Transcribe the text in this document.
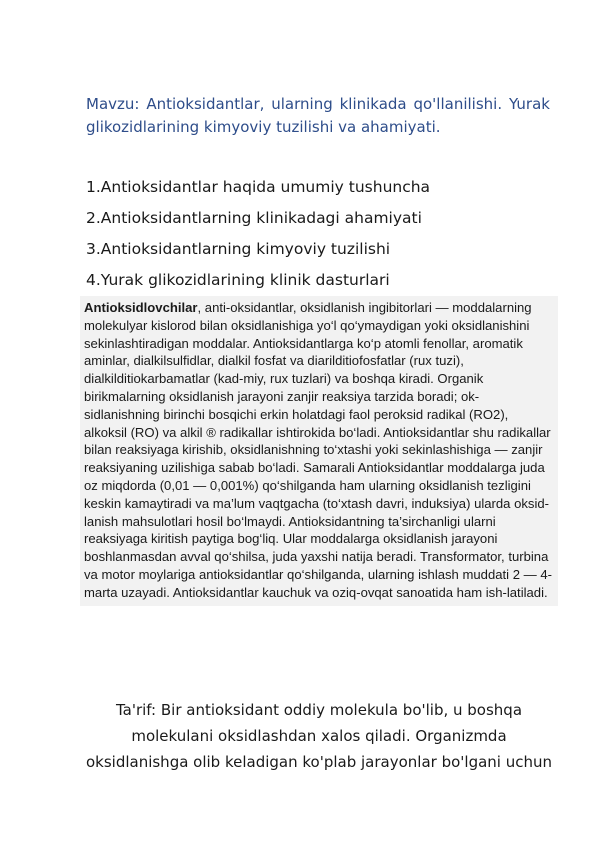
Mavzu: Antioksidantlar, ularning klinikada qo'llanilishi. Yurak glikozidlarining kimyoviy tuzilishi va ahamiyati.

1.Antioksidantlar haqida umumiy tushuncha
2.Antioksidantlarning klinikadagi ahamiyati
3.Antioksidantlarning kimyoviy tuzilishi
4.Yurak glikozidlarining klinik dasturlari

Antioksidlovchilar, anti-oksidantlar, oksidlanish ingibitorlari — moddalarning molekulyar kislorod bilan oksidlanishiga yo‘l qo‘ymaydigan yoki oksidlanishini sekinlashtiradigan moddalar. Antioksidantlarga ko‘p atomli fenollar, aromatik aminlar, dialkilsulfidlar, dialkil fosfat va diarilditiofosfatlar (rux tuzi), dialkilditiokarbamatlar (kad-miy, rux tuzlari) va boshqa kiradi. Organik birikmalarning oksidlanish jarayoni zanjir reaksiya tarzida boradi; ok-sidlanishning birinchi bosqichi erkin holatdagi faol peroksid radikal (RO2), alkoksil (RO) va alkil ® radikallar ishtirokida bo‘ladi. Antioksidantlar shu radikallar bilan reaksiyaga kirishib, oksidlanishning to‘xtashi yoki sekinlashishiga — zanjir reaksiyaning uzilishiga sabab bo‘ladi. Samarali Antioksidantlar moddalarga juda oz miqdorda (0,01 — 0,001%) qo‘shilganda ham ularning oksidlanish tezligini keskin kamaytiradi va ma’lum vaqtgacha (to‘xtash davri, induksiya) ularda oksid-lanish mahsulotlari hosil bo‘lmaydi. Antioksidantning ta’sirchanligi ularni reaksiyaga kiritish paytiga bog‘liq. Ular moddalarga oksidlanish jarayoni boshlanmasdan avval qo‘shilsa, juda yaxshi natija beradi. Transformator, turbina va motor moylariga antioksidantlar qo‘shilganda, ularning ishlash muddati 2 — 4-marta uzayadi. Antioksidantlar kauchuk va oziq-ovqat sanoatida ham ish-latiladi.

Ta'rif: Bir antioksidant oddiy molekula bo'lib, u boshqa molekulani oksidlashdan xalos qiladi. Organizmda oksidlanishga olib keladigan ko'plab jarayonlar bo'lgani uchun
